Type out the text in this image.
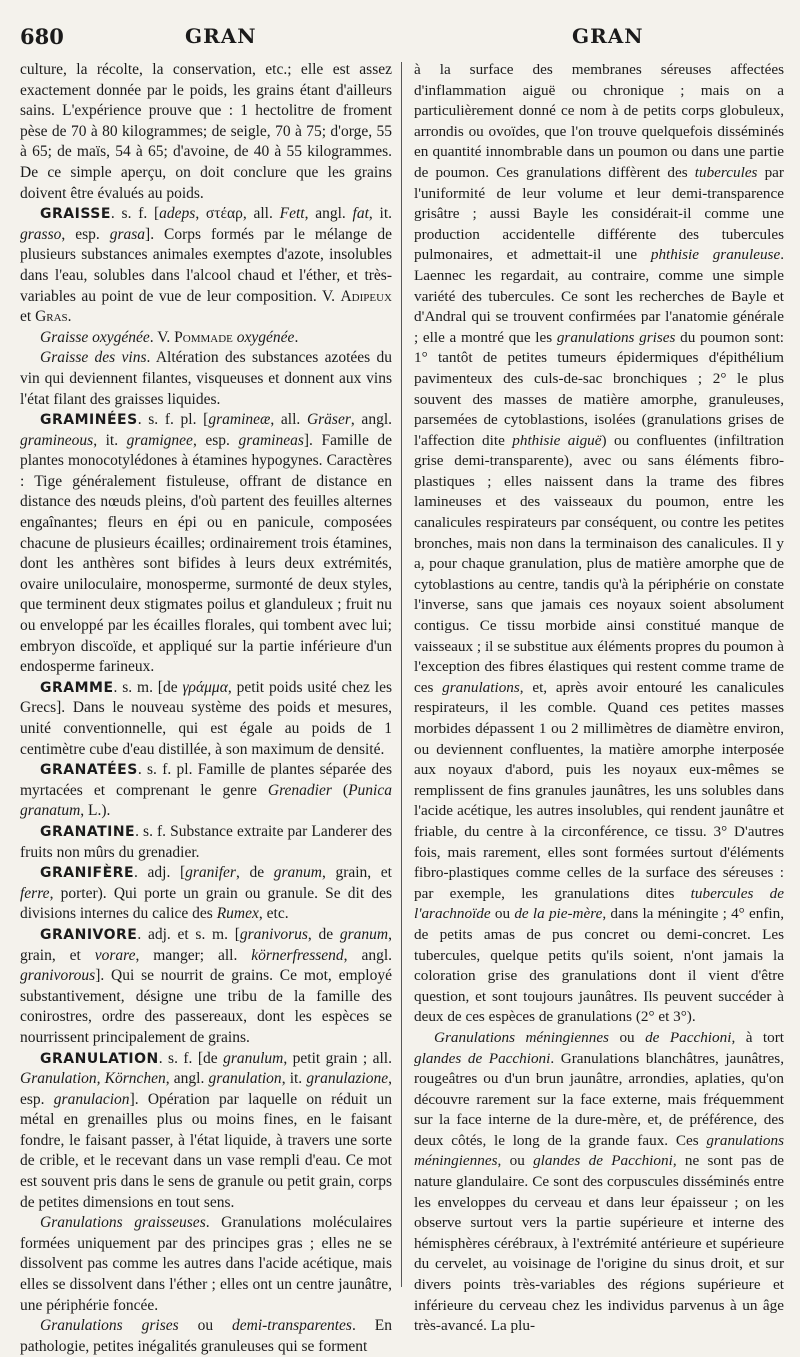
680	GRAN	GRAN

culture, la récolte, la conservation, etc.; elle est assez exactement donnée par le poids, les grains étant d'ailleurs sains. L'expérience prouve que : 1 hectolitre de froment pèse de 70 à 80 kilogrammes; de seigle, 70 à 75; d'orge, 55 à 65; de maïs, 54 à 65; d'avoine, de 40 à 55 kilogrammes. De ce simple aperçu, on doit conclure que les grains doivent être évalués au poids.

GRAISSE. s. f. [adeps, στέαρ, all. Fett, angl. fat, it. grasso, esp. grasa]. Corps formés par le mélange de plusieurs substances animales exemptes d'azote, insolubles dans l'eau, solubles dans l'alcool chaud et l'éther, et très-variables au point de vue de leur composition. V. Adipeux et Gras.

Graisse oxygénée. V. Pommade oxygénée.

Graisse des vins. Altération des substances azotées du vin qui deviennent filantes, visqueuses et donnent aux vins l'état filant des graisses liquides.

GRAMINÉES. s. f. pl. [gramineæ, all. Gräser, angl. gramineous, it. gramignee, esp. gramineas]. Famille de plantes monocotylédones à étamines hypogynes. Caractères : Tige généralement fistuleuse, offrant de distance en distance des nœuds pleins, d'où partent des feuilles alternes engaînantes; fleurs en épi ou en panicule, composées chacune de plusieurs écailles; ordinairement trois étamines, dont les anthères sont bifides à leurs deux extrémités, ovaire uniloculaire, monosperme, surmonté de deux styles, que terminent deux stigmates poilus et glanduleux ; fruit nu ou enveloppé par les écailles florales, qui tombent avec lui; embryon discoïde, et appliqué sur la partie inférieure d'un endosperme farineux.

GRAMME. s. m. [de γράμμα, petit poids usité chez les Grecs]. Dans le nouveau système des poids et mesures, unité conventionnelle, qui est égale au poids de 1 centimètre cube d'eau distillée, à son maximum de densité.

GRANATÉES. s. f. pl. Famille de plantes séparée des myrtacées et comprenant le genre Grenadier (Punica granatum, L.).

GRANATINE. s. f. Substance extraite par Landerer des fruits non mûrs du grenadier.

GRANIFÈRE. adj. [granifer, de granum, grain, et ferre, porter). Qui porte un grain ou granule. Se dit des divisions internes du calice des Rumex, etc.

GRANIVORE. adj. et s. m. [granivorus, de granum, grain, et vorare, manger; all. körnerfressend, angl. granivorous]. Qui se nourrit de grains. Ce mot, employé substantivement, désigne une tribu de la famille des conirostres, ordre des passereaux, dont les espèces se nourrissent principalement de grains.

GRANULATION. s. f. [de granulum, petit grain ; all. Granulation, Körnchen, angl. granulation, it. granulazione, esp. granulacion]. Opération par laquelle on réduit un métal en grenailles plus ou moins fines, en le faisant fondre, le faisant passer, à l'état liquide, à travers une sorte de crible, et le recevant dans un vase rempli d'eau. Ce mot est souvent pris dans le sens de granule ou petit grain, corps de petites dimensions en tout sens.

Granulations graisseuses. Granulations moléculaires formées uniquement par des principes gras ; elles ne se dissolvent pas comme les autres dans l'acide acétique, mais elles se dissolvent dans l'éther ; elles ont un centre jaunâtre, une périphérie foncée.

Granulations grises ou demi-transparentes. En pathologie, petites inégalités granuleuses qui se forment

à la surface des membranes séreuses affectées d'inflammation aiguë ou chronique ; mais on a particulièrement donné ce nom à de petits corps globuleux, arrondis ou ovoïdes, que l'on trouve quelquefois disséminés en quantité innombrable dans un poumon ou dans une partie de poumon. Ces granulations diffèrent des tubercules par l'uniformité de leur volume et leur demi-transparence grisâtre ; aussi Bayle les considérait-il comme une production accidentelle différente des tubercules pulmonaires, et admettait-il une phthisie granuleuse. Laennec les regardait, au contraire, comme une simple variété des tubercules. Ce sont les recherches de Bayle et d'Andral qui se trouvent confirmées par l'anatomie générale ; elle a montré que les granulations grises du poumon sont: 1° tantôt de petites tumeurs épidermiques d'épithélium pavimenteux des culs-de-sac bronchiques ; 2° le plus souvent des masses de matière amorphe, granuleuses, parsemées de cytoblastions, isolées (granulations grises de l'affection dite phthisie aiguë) ou confluentes (infiltration grise demi-transparente), avec ou sans éléments fibro-plastiques ; elles naissent dans la trame des fibres lamineuses et des vaisseaux du poumon, entre les canalicules respirateurs par conséquent, ou contre les petites bronches, mais non dans la terminaison des canalicules. Il y a, pour chaque granulation, plus de matière amorphe que de cytoblastions au centre, tandis qu'à la périphérie on constate l'inverse, sans que jamais ces noyaux soient absolument contigus. Ce tissu morbide ainsi constitué manque de vaisseaux ; il se substitue aux éléments propres du poumon à l'exception des fibres élastiques qui restent comme trame de ces granulations, et, après avoir entouré les canalicules respirateurs, il les comble. Quand ces petites masses morbides dépassent 1 ou 2 millimètres de diamètre environ, ou deviennent confluentes, la matière amorphe interposée aux noyaux d'abord, puis les noyaux eux-mêmes se remplissent de fins granules jaunâtres, les uns solubles dans l'acide acétique, les autres insolubles, qui rendent jaunâtre et friable, du centre à la circonférence, ce tissu. 3° D'autres fois, mais rarement, elles sont formées surtout d'éléments fibro-plastiques comme celles de la surface des séreuses : par exemple, les granulations dites tubercules de l'arachnoïde ou de la pie-mère, dans la méningite ; 4° enfin, de petits amas de pus concret ou demi-concret. Les tubercules, quelque petits qu'ils soient, n'ont jamais la coloration grise des granulations dont il vient d'être question, et sont toujours jaunâtres. Ils peuvent succéder à deux de ces espèces de granulations (2° et 3°).

Granulations méningiennes ou de Pacchioni, à tort glandes de Pacchioni. Granulations blanchâtres, jaunâtres, rougeâtres ou d'un brun jaunâtre, arrondies, aplaties, qu'on découvre rarement sur la face externe, mais fréquemment sur la face interne de la dure-mère, et, de préférence, des deux côtés, le long de la grande faux. Ces granulations méningiennes, ou glandes de Pacchioni, ne sont pas de nature glandulaire. Ce sont des corpuscules disséminés entre les enveloppes du cerveau et dans leur épaisseur ; on les observe surtout vers la partie supérieure et interne des hémisphères cérébraux, à l'extrémité antérieure et supérieure du cervelet, au voisinage de l'origine du sinus droit, et sur divers points très-variables des régions supérieure et inférieure du cerveau chez les individus parvenus à un âge très-avancé. La plu-
